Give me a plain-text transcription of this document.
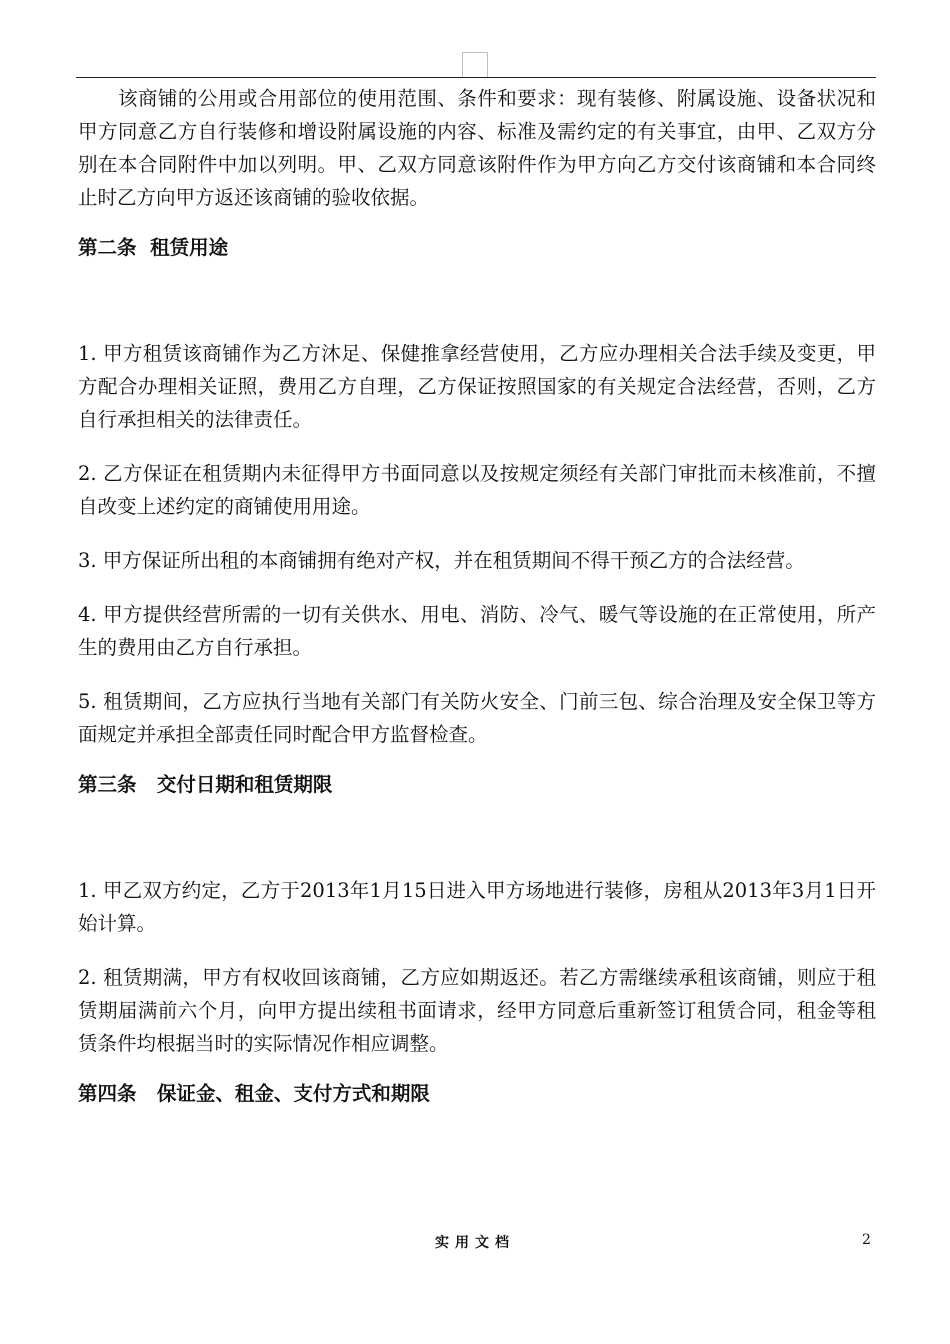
该商铺的公用或合用部位的使用范围、条件和要求：现有装修、附属设施、设备状况和甲方同意乙方自行装修和增设附属设施的内容、标准及需约定的有关事宜，由甲、乙双方分别在本合同附件中加以列明。甲、乙双方同意该附件作为甲方向乙方交付该商铺和本合同终止时乙方向甲方返还该商铺的验收依据。

第二条  租赁用途

1. 甲方租赁该商铺作为乙方沐足、保健推拿经营使用，乙方应办理相关合法手续及变更，甲方配合办理相关证照，费用乙方自理，乙方保证按照国家的有关规定合法经营，否则，乙方自行承担相关的法律责任。

2. 乙方保证在租赁期内未征得甲方书面同意以及按规定须经有关部门审批而未核准前，不擅自改变上述约定的商铺使用用途。

3. 甲方保证所出租的本商铺拥有绝对产权，并在租赁期间不得干预乙方的合法经营。

4. 甲方提供经营所需的一切有关供水、用电、消防、冷气、暖气等设施的在正常使用，所产生的费用由乙方自行承担。

5. 租赁期间，乙方应执行当地有关部门有关防火安全、门前三包、综合治理及安全保卫等方面规定并承担全部责任同时配合甲方监督检查。

第三条   交付日期和租赁期限

1. 甲乙双方约定，乙方于2013年1月15日进入甲方场地进行装修，房租从2013年3月1日开始计算。

2. 租赁期满，甲方有权收回该商铺，乙方应如期返还。若乙方需继续承租该商铺，则应于租赁期届满前六个月，向甲方提出续租书面请求，经甲方同意后重新签订租赁合同，租金等租赁条件均根据当时的实际情况作相应调整。

第四条   保证金、租金、支付方式和期限

实用文档	2
